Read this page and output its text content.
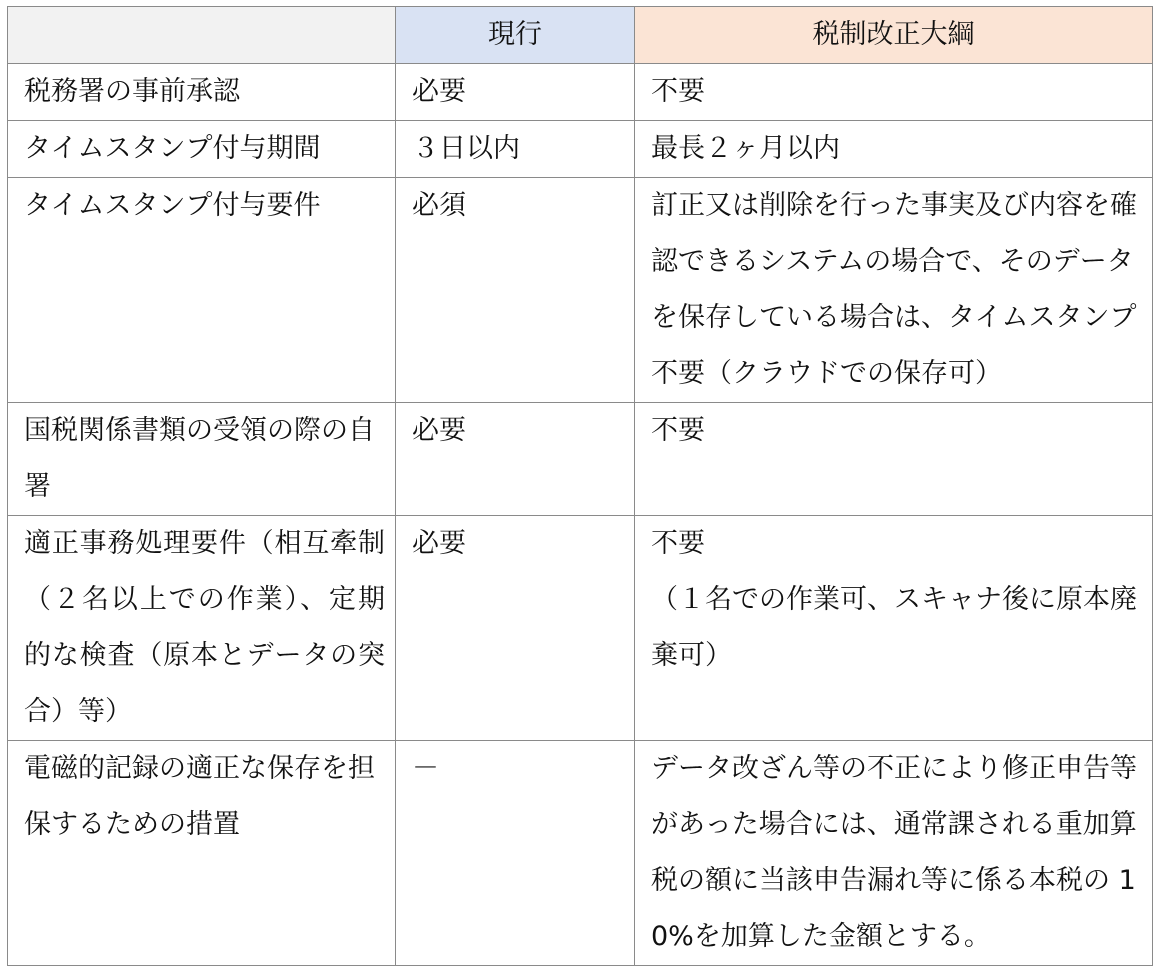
	現行	税制改正大綱
税務署の事前承認	必要	不要
タイムスタンプ付与期間	３日以内	最長２ヶ月以内
タイムスタンプ付与要件	必須	訂正又は削除を行った事実及び内容を確認できるシステムの場合で、そのデータを保存している場合は、タイムスタンプ不要（クラウドでの保存可）
国税関係書類の受領の際の自署	必要	不要
適正事務処理要件（相互牽制（２名以上での作業）、定期的な検査（原本とデータの突合）等）	必要	不要
（１名での作業可、スキャナ後に原本廃棄可）
電磁的記録の適正な保存を担保するための措置	－	データ改ざん等の不正により修正申告等があった場合には、通常課される重加算税の額に当該申告漏れ等に係る本税の 10%を加算した金額とする。
